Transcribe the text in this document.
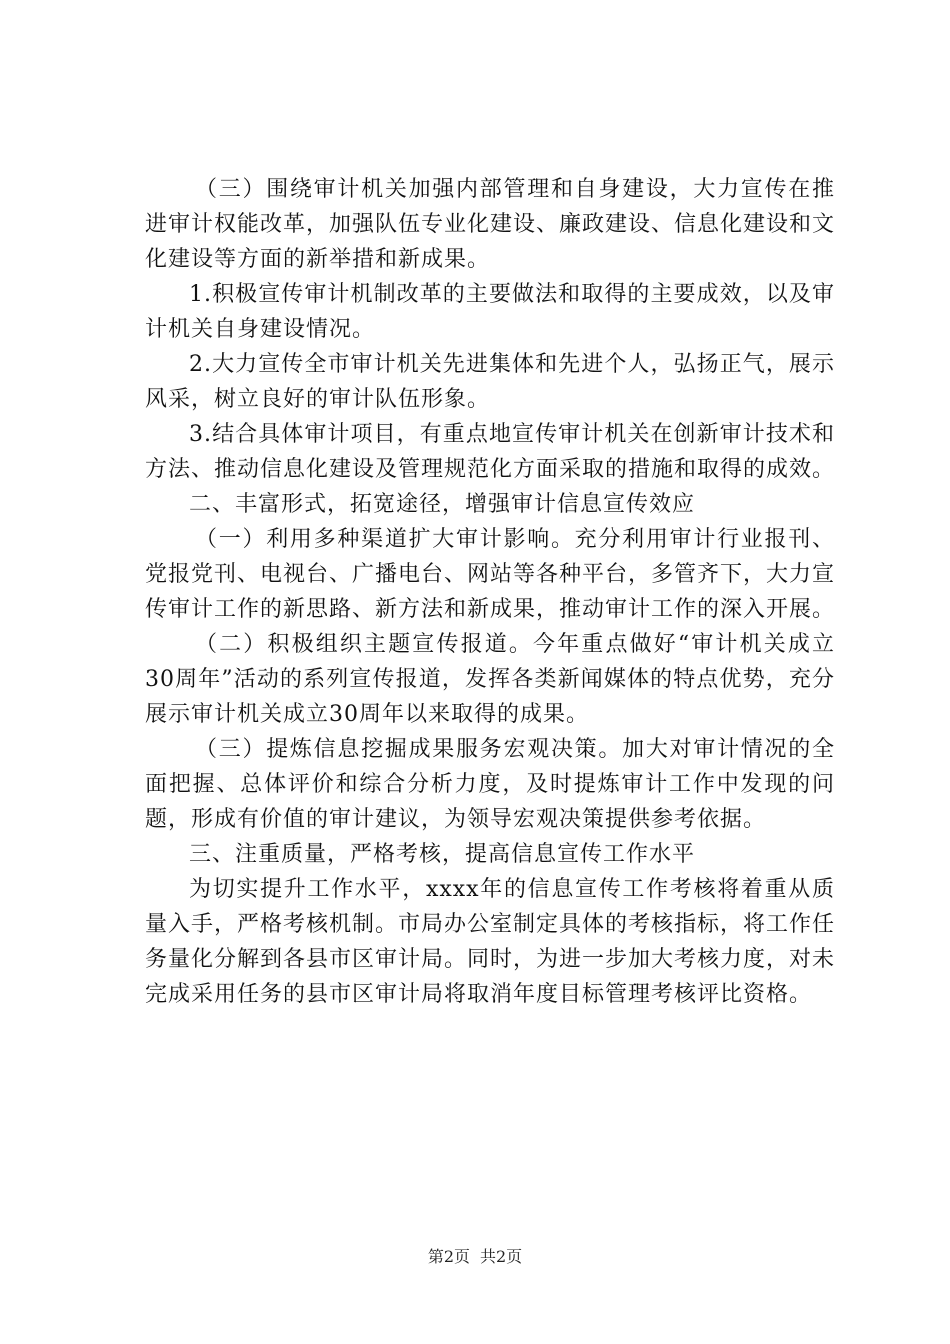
（三）围绕审计机关加强内部管理和自身建设，大力宣传在推进审计权能改革，加强队伍专业化建设、廉政建设、信息化建设和文化建设等方面的新举措和新成果。

1.积极宣传审计机制改革的主要做法和取得的主要成效，以及审计机关自身建设情况。

2.大力宣传全市审计机关先进集体和先进个人，弘扬正气，展示风采，树立良好的审计队伍形象。

3.结合具体审计项目，有重点地宣传审计机关在创新审计技术和方法、推动信息化建设及管理规范化方面采取的措施和取得的成效。

二、丰富形式，拓宽途径，增强审计信息宣传效应

（一）利用多种渠道扩大审计影响。充分利用审计行业报刊、党报党刊、电视台、广播电台、网站等各种平台，多管齐下，大力宣传审计工作的新思路、新方法和新成果，推动审计工作的深入开展。

（二）积极组织主题宣传报道。今年重点做好“审计机关成立30周年”活动的系列宣传报道，发挥各类新闻媒体的特点优势，充分展示审计机关成立30周年以来取得的成果。

（三）提炼信息挖掘成果服务宏观决策。加大对审计情况的全面把握、总体评价和综合分析力度，及时提炼审计工作中发现的问题，形成有价值的审计建议，为领导宏观决策提供参考依据。

三、注重质量，严格考核，提高信息宣传工作水平

为切实提升工作水平，xxxx年的信息宣传工作考核将着重从质量入手，严格考核机制。市局办公室制定具体的考核指标，将工作任务量化分解到各县市区审计局。同时，为进一步加大考核力度，对未完成采用任务的县市区审计局将取消年度目标管理考核评比资格。

第2页 共2页
